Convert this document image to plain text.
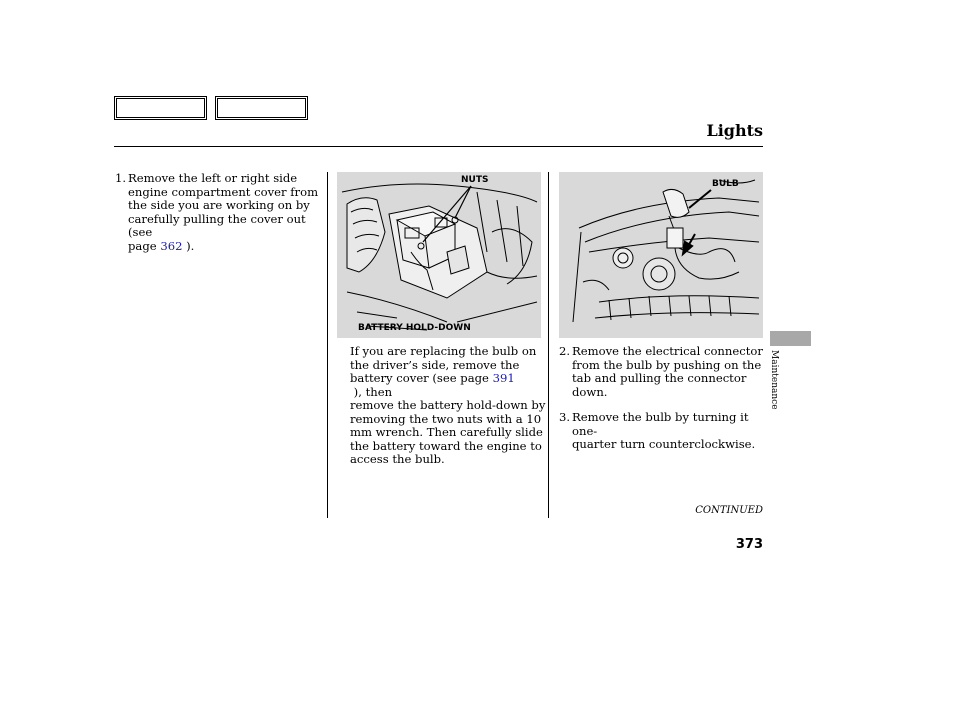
Lights
1. Remove the left or right side
engine compartment cover from
the side you are working on by
carefully pulling the cover out (see
page 362 ).
NUTS
BATTERY HOLD-DOWN
BULB
If you are replacing the bulb on
the driver’s side, remove the
battery cover (see page 391 ), then
remove the battery hold-down by
removing the two nuts with a 10
mm wrench. Then carefully slide
the battery toward the engine to
access the bulb.
2. Remove the electrical connector
from the bulb by pushing on the
tab and pulling the connector
down.
3. Remove the bulb by turning it one-
quarter turn counterclockwise.
Maintenance
CONTINUED
373
